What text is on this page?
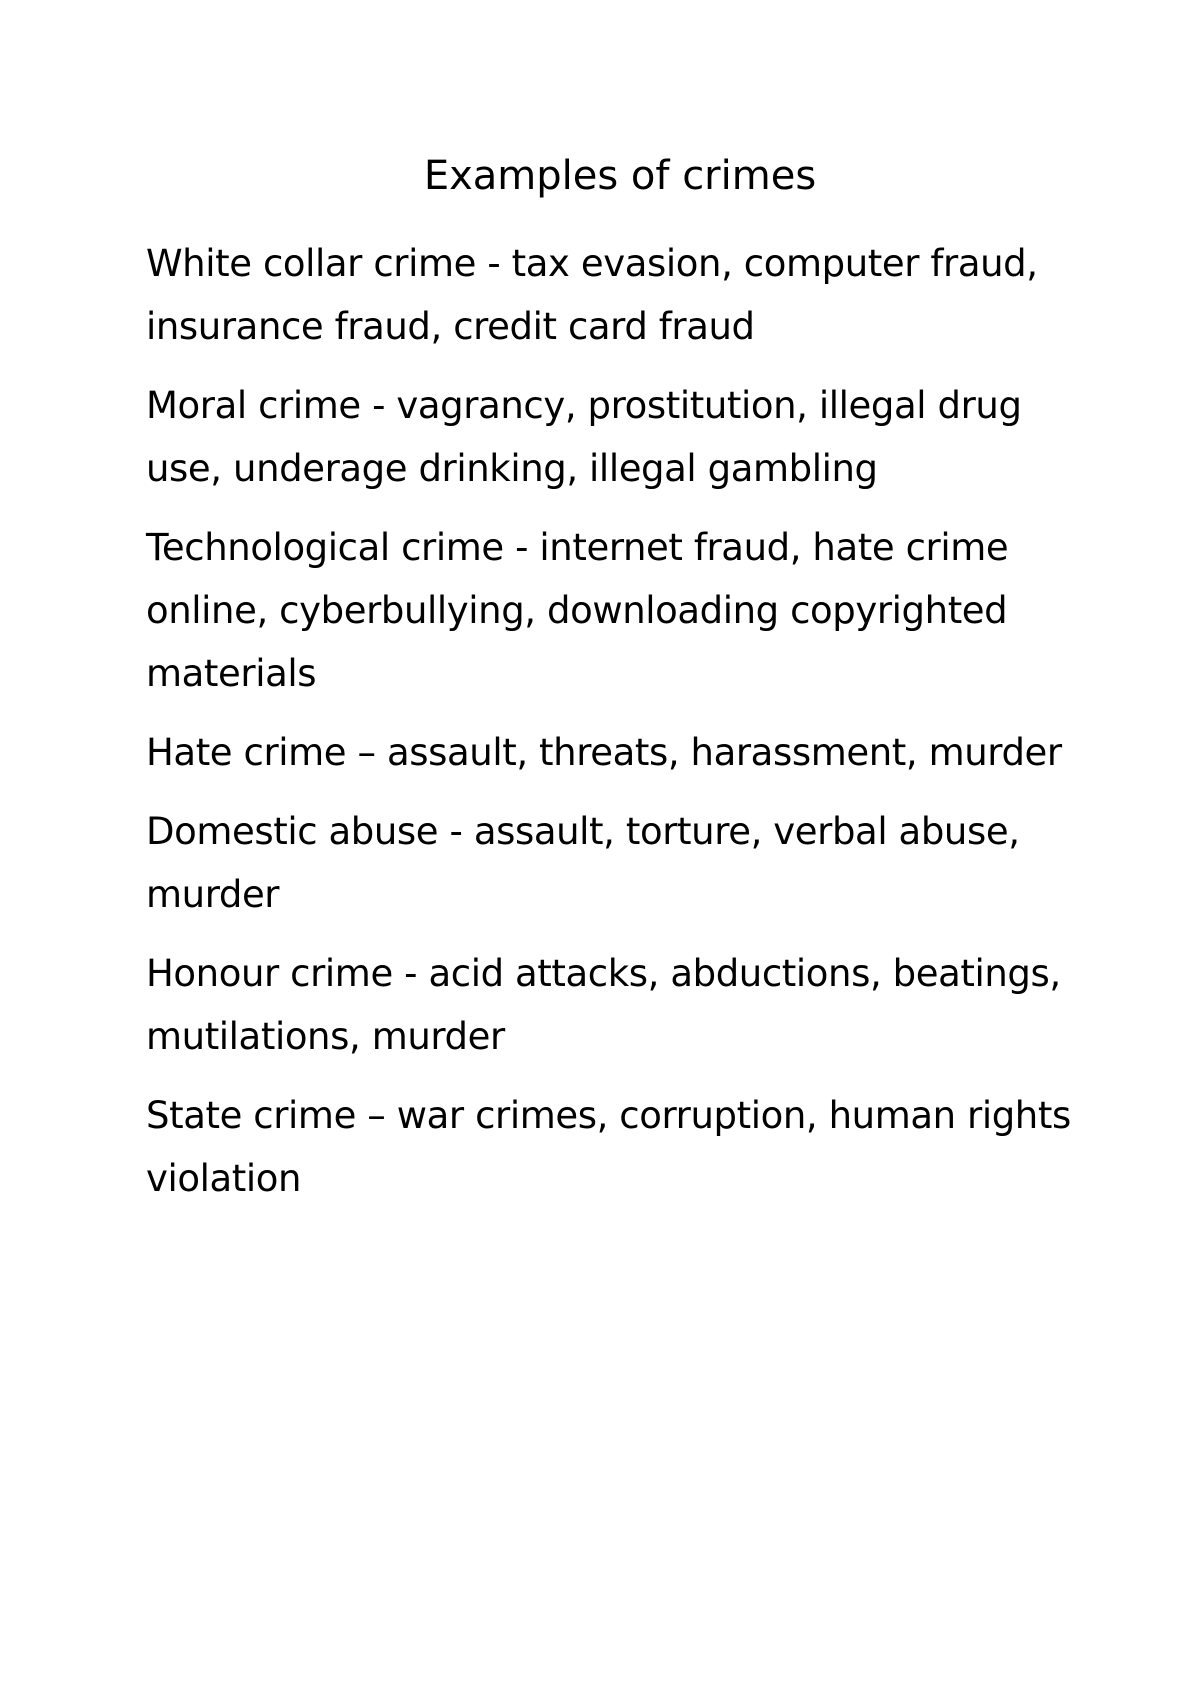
Examples of crimes
White collar crime - tax evasion, computer fraud, insurance fraud, credit card fraud
Moral crime - vagrancy, prostitution, illegal drug use, underage drinking, illegal gambling
Technological crime - internet fraud, hate crime online, cyberbullying, downloading copyrighted materials
Hate crime – assault, threats, harassment, murder
Domestic abuse - assault, torture, verbal abuse, murder
Honour crime - acid attacks, abductions, beatings, mutilations, murder
State crime – war crimes, corruption, human rights violation
